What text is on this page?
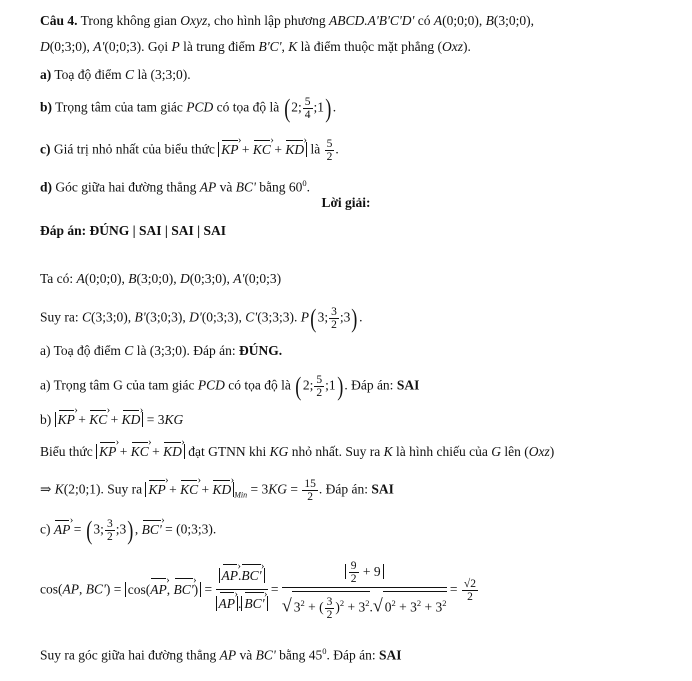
Câu 4. Trong không gian Oxyz, cho hình lập phương ABCD.A'B'C'D' có A(0;0;0), B(3;0;0),
D(0;3;0), A'(0;0;3). Gọi P là trung điểm B'C', K là điểm thuộc mặt phẳng (Oxz).
a) Toạ độ điểm C là (3;3;0).
b) Trọng tâm của tam giác PCD có tọa độ là (2; $\frac{5}{4}$ ;1).
c) Giá trị nhỏ nhất của biểu thức KP › + KC › + KD › là $\frac{5}{2}$ .
d) Góc giữa hai đường thẳng AP và BC' bằng $60^0$.
Lời giải:
Đáp án: ĐÚNG | SAI | SAI | SAI
Ta có: A(0;0;0), B(3;0;0), D(0;3;0), A'(0;0;3)
Suy ra: C(3;3;0), B'(3;0;3), D'(0;3;3), C'(3;3;3). P(3; $\frac{3}{2}$ ;3).
a) Toạ độ điểm C là (3;3;0). Đáp án: ĐÚNG.
a) Trọng tâm G của tam giác PCD có tọa độ là (2; $\frac{5}{2}$ ;1). Đáp án: SAI
b) KP › + KC › + KD › = 3KG
Biểu thức KP › + KC › + KD › đạt GTNN khi KG nhỏ nhất. Suy ra K là hình chiếu của G lên (Oxz)
⇒ K(2;0;1). Suy ra KP › + KC › + KD › $_{Min} = 3KG = \frac{15}{2}$ . Đáp án: SAI
c) AP › = (3; $\frac{3}{2}$ ;3), BC' › = (0;3;3).
cos(AP, BC') = cos(AP ›, BC' ›) = $\frac{AP ›.BC' ›}{AP › . BC'}$ › = $\frac{\frac{9}{2} + 9}{√ 3^2 + ( \frac{3}{2} )^2 + 3^2.√ 0^2 + 3^2 + 3^2} = \frac{√2}{2}$
Suy ra góc giữa hai đường thẳng AP và BC' bằng $45^0$. Đáp án: SAI
